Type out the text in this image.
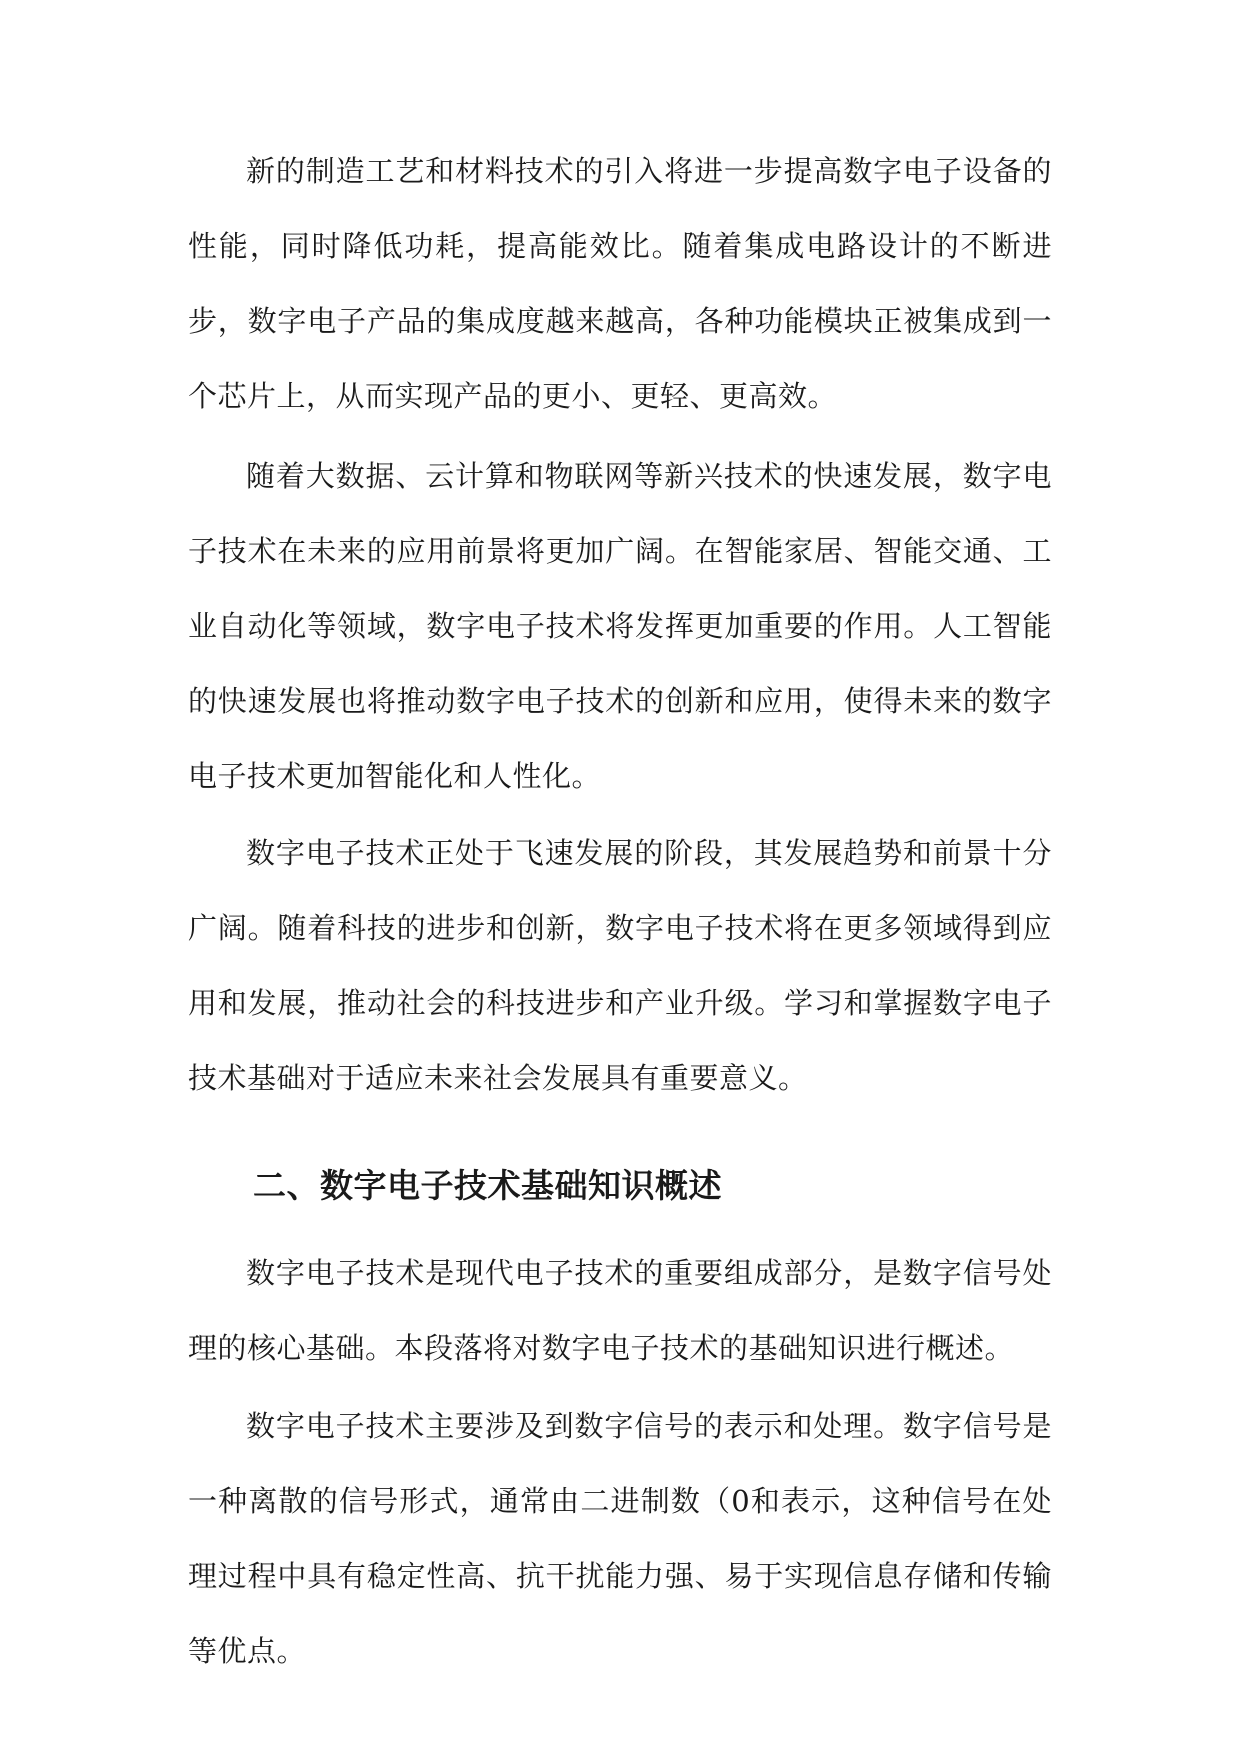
新的制造工艺和材料技术的引入将进一步提高数字电子设备的性能，同时降低功耗，提高能效比。随着集成电路设计的不断进步，数字电子产品的集成度越来越高，各种功能模块正被集成到一个芯片上，从而实现产品的更小、更轻、更高效。

随着大数据、云计算和物联网等新兴技术的快速发展，数字电子技术在未来的应用前景将更加广阔。在智能家居、智能交通、工业自动化等领域，数字电子技术将发挥更加重要的作用。人工智能的快速发展也将推动数字电子技术的创新和应用，使得未来的数字电子技术更加智能化和人性化。

数字电子技术正处于飞速发展的阶段，其发展趋势和前景十分广阔。随着科技的进步和创新，数字电子技术将在更多领域得到应用和发展，推动社会的科技进步和产业升级。学习和掌握数字电子技术基础对于适应未来社会发展具有重要意义。

二、数字电子技术基础知识概述

数字电子技术是现代电子技术的重要组成部分，是数字信号处理的核心基础。本段落将对数字电子技术的基础知识进行概述。

数字电子技术主要涉及到数字信号的表示和处理。数字信号是一种离散的信号形式，通常由二进制数（0和表示，这种信号在处理过程中具有稳定性高、抗干扰能力强、易于实现信息存储和传输等优点。
